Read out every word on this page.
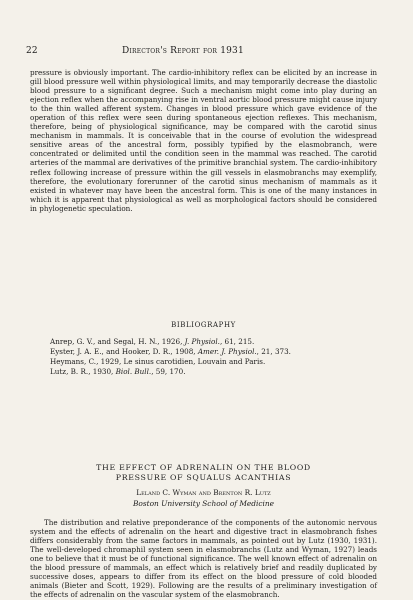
22	Director's Report for 1931
pressure is obviously important. The cardio-inhibitory reflex can be elicited by an increase in gill blood pressure well within physiological limits, and may temporarily decrease the diastolic blood pressure to a significant degree. Such a mechanism might come into play during an ejection reflex when the accompanying rise in ventral aortic blood pressure might cause injury to the thin walled afferent system. Changes in blood pressure which gave evidence of the operation of this reflex were seen during spontaneous ejection reflexes. This mechanism, therefore, being of physiological significance, may be compared with the carotid sinus mechanism in mammals. It is conceivable that in the course of evolution the widespread sensitive areas of the ancestral form, possibly typified by the elasmobranch, were concentrated or delimited until the condition seen in the mammal was reached. The carotid arteries of the mammal are derivatives of the primitive branchial system. The cardio-inhibitory reflex following increase of pressure within the gill vessels in elasmobranchs may exemplify, therefore, the evolutionary forerunner of the carotid sinus mechanism of mammals as it existed in whatever may have been the ancestral form. This is one of the many instances in which it is apparent that physiological as well as morphological factors should be considered in phylogenetic speculation.
BIBLIOGRAPHY
Anrep, G. V., and Segal, H. N., 1926, J. Physiol., 61, 215.
Eyster, J. A. E., and Hooker, D. R., 1908, Amer. J. Physiol., 21, 373.
Heymans, C., 1929, Le sinus carotidien, Louvain and Paris.
Lutz, B. R., 1930, Biol. Bull., 59, 170.
THE EFFECT OF ADRENALIN ON THE BLOOD
PRESSURE OF SQUALUS ACANTHIAS
Leland C. Wyman and Brenton R. Lutz
Boston University School of Medicine
The distribution and relative preponderance of the components of the autonomic nervous system and the effects of adrenalin on the heart and digestive tract in elasmobranch fishes differs considerably from the same factors in mammals, as pointed out by Lutz (1930, 1931). The well-developed chromaphil system seen in elasmobranchs (Lutz and Wyman, 1927) leads one to believe that it must be of functional significance. The well known effect of adrenalin on the blood pressure of mammals, an effect which is relatively brief and readily duplicated by successive doses, appears to differ from its effect on the blood pressure of cold blooded animals (Bieter and Scott, 1929). Following are the results of a preliminary investigation of the effects of adrenalin on the vascular system of the elasmobranch.
